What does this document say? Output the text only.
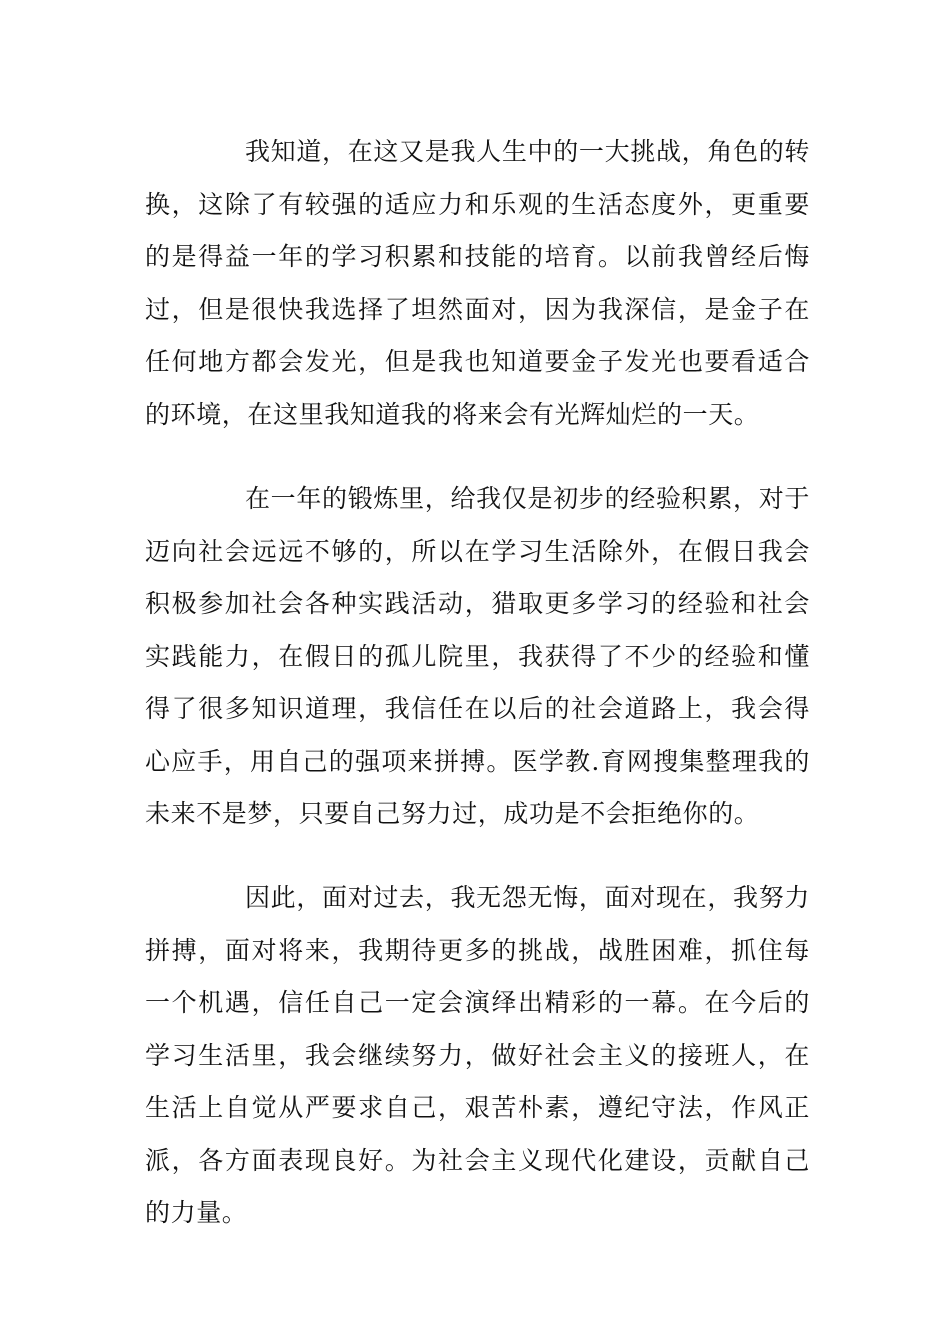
我知道，在这又是我人生中的一大挑战，角色的转换，这除了有较强的适应力和乐观的生活态度外，更重要的是得益一年的学习积累和技能的培育。以前我曾经后悔过，但是很快我选择了坦然面对，因为我深信，是金子在任何地方都会发光，但是我也知道要金子发光也要看适合的环境，在这里我知道我的将来会有光辉灿烂的一天。

在一年的锻炼里，给我仅是初步的经验积累，对于迈向社会远远不够的，所以在学习生活除外，在假日我会积极参加社会各种实践活动，猎取更多学习的经验和社会实践能力，在假日的孤儿院里，我获得了不少的经验和懂得了很多知识道理，我信任在以后的社会道路上，我会得心应手，用自己的强项来拼搏。医学教.育网搜集整理我的未来不是梦，只要自己努力过，成功是不会拒绝你的。

因此，面对过去，我无怨无悔，面对现在，我努力拼搏，面对将来，我期待更多的挑战，战胜困难，抓住每一个机遇，信任自己一定会演绎出精彩的一幕。在今后的学习生活里，我会继续努力，做好社会主义的接班人，在生活上自觉从严要求自己，艰苦朴素，遵纪守法，作风正派，各方面表现良好。为社会主义现代化建设，贡献自己的力量。
